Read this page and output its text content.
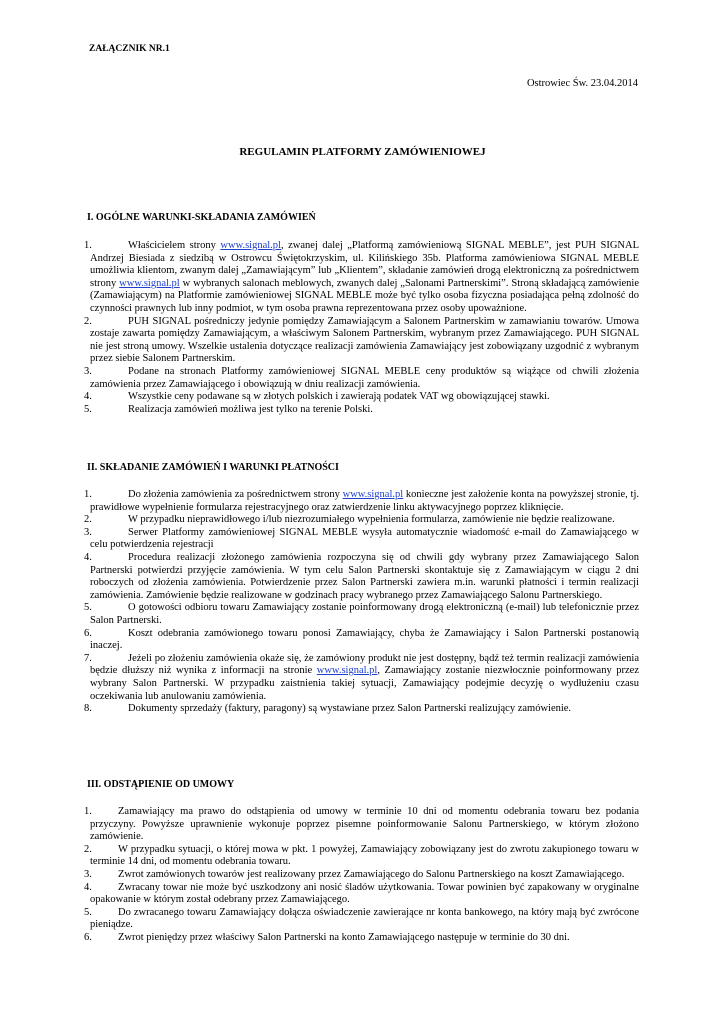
ZAŁĄCZNIK NR.1
Ostrowiec Św. 23.04.2014
REGULAMIN PLATFORMY ZAMÓWIENIOWEJ
I. OGÓLNE WARUNKI-SKŁADANIA ZAMÓWIEŃ
1.	Właścicielem strony www.signal.pl, zwanej dalej „Platformą zamówieniową SIGNAL MEBLE”, jest PUH SIGNAL Andrzej Biesiada z siedzibą w Ostrowcu Świętokrzyskim, ul. Kilińskiego 35b. Platforma zamówieniowa SIGNAL MEBLE umożliwia klientom, zwanym dalej „Zamawiającym” lub „Klientem”, składanie zamówień drogą elektroniczną za pośrednictwem strony www.signal.pl w wybranych salonach meblowych, zwanych dalej „Salonami Partnerskimi”. Stroną składającą zamówienie (Zamawiającym) na Platformie zamówieniowej SIGNAL MEBLE może być tylko osoba fizyczna posiadająca pełną zdolność do czynności prawnych lub inny podmiot, w tym osoba prawna reprezentowana przez osoby upoważnione.
2.	PUH SIGNAL pośredniczy jedynie pomiędzy Zamawiającym a Salonem Partnerskim w zamawianiu towarów. Umowa zostaje zawarta pomiędzy Zamawiającym, a właściwym Salonem Partnerskim, wybranym przez Zamawiającego. PUH SIGNAL nie jest stroną umowy. Wszelkie ustalenia dotyczące realizacji zamówienia Zamawiający jest zobowiązany uzgodnić z wybranym przez siebie Salonem Partnerskim.
3.	Podane na stronach Platformy zamówieniowej SIGNAL MEBLE ceny produktów są wiążące od chwili złożenia zamówienia przez Zamawiającego i obowiązują w dniu realizacji zamówienia.
4.	Wszystkie ceny podawane są w złotych polskich i zawierają podatek VAT wg obowiązującej stawki.
5.	Realizacja zamówień możliwa jest tylko na terenie Polski.
II. SKŁADANIE ZAMÓWIEŃ I WARUNKI PŁATNOŚCI
1.	Do złożenia zamówienia za pośrednictwem strony www.signal.pl konieczne jest założenie konta na powyższej stronie, tj. prawidłowe wypełnienie formularza rejestracyjnego oraz zatwierdzenie linku aktywacyjnego poprzez kliknięcie.
2.	W przypadku nieprawidłowego i/lub niezrozumiałego wypełnienia formularza, zamówienie nie będzie realizowane.
3.	Serwer Platformy zamówieniowej SIGNAL MEBLE wysyła automatycznie wiadomość e-mail do Zamawiającego w celu potwierdzenia rejestracji
4.	Procedura realizacji złożonego zamówienia rozpoczyna się od chwili gdy wybrany przez Zamawiającego Salon Partnerski potwierdzi przyjęcie zamówienia. W tym celu Salon Partnerski skontaktuje się z Zamawiającym w ciągu 2 dni roboczych od złożenia zamówienia. Potwierdzenie przez Salon Partnerski zawiera m.in. warunki płatności i termin realizacji zamówienia. Zamówienie będzie realizowane w godzinach pracy wybranego przez Zamawiającego Salonu Partnerskiego.
5.	O gotowości odbioru towaru Zamawiający zostanie poinformowany drogą elektroniczną (e-mail) lub telefonicznie przez Salon Partnerski.
6.	Koszt odebrania zamówionego towaru ponosi Zamawiający, chyba że Zamawiający i Salon Partnerski postanowią inaczej.
7.	Jeżeli po złożeniu zamówienia okaże się, że zamówiony produkt nie jest dostępny, bądź też termin realizacji zamówienia będzie dłuższy niż wynika z informacji na stronie www.signal.pl, Zamawiający zostanie niezwłocznie poinformowany przez wybrany Salon Partnerski. W przypadku zaistnienia takiej sytuacji, Zamawiający podejmie decyzję o wydłużeniu czasu oczekiwania lub anulowaniu zamówienia.
8.	Dokumenty sprzedaży (faktury, paragony) są wystawiane przez Salon Partnerski realizujący zamówienie.
III. ODSTĄPIENIE OD UMOWY
1. Zamawiający ma prawo do odstąpienia od umowy w terminie 10 dni od momentu odebrania towaru bez podania przyczyny. Powyższe uprawnienie wykonuje poprzez pisemne poinformowanie Salonu Partnerskiego, w którym złożono zamówienie.
2. W przypadku sytuacji, o której mowa w pkt. 1 powyżej, Zamawiający zobowiązany jest do zwrotu zakupionego towaru w terminie 14 dni, od momentu odebrania towaru.
3. Zwrot zamówionych towarów jest realizowany przez Zamawiającego do Salonu Partnerskiego na koszt Zamawiającego.
4. Zwracany towar nie może być uszkodzony ani nosić śladów użytkowania. Towar powinien być zapakowany w oryginalne opakowanie w którym został odebrany przez Zamawiającego.
5. Do zwracanego towaru Zamawiający dołącza oświadczenie zawierające nr konta bankowego, na który mają być zwrócone pieniądze.
6. Zwrot pieniędzy przez właściwy Salon Partnerski na konto Zamawiającego następuje w terminie do 30 dni.
